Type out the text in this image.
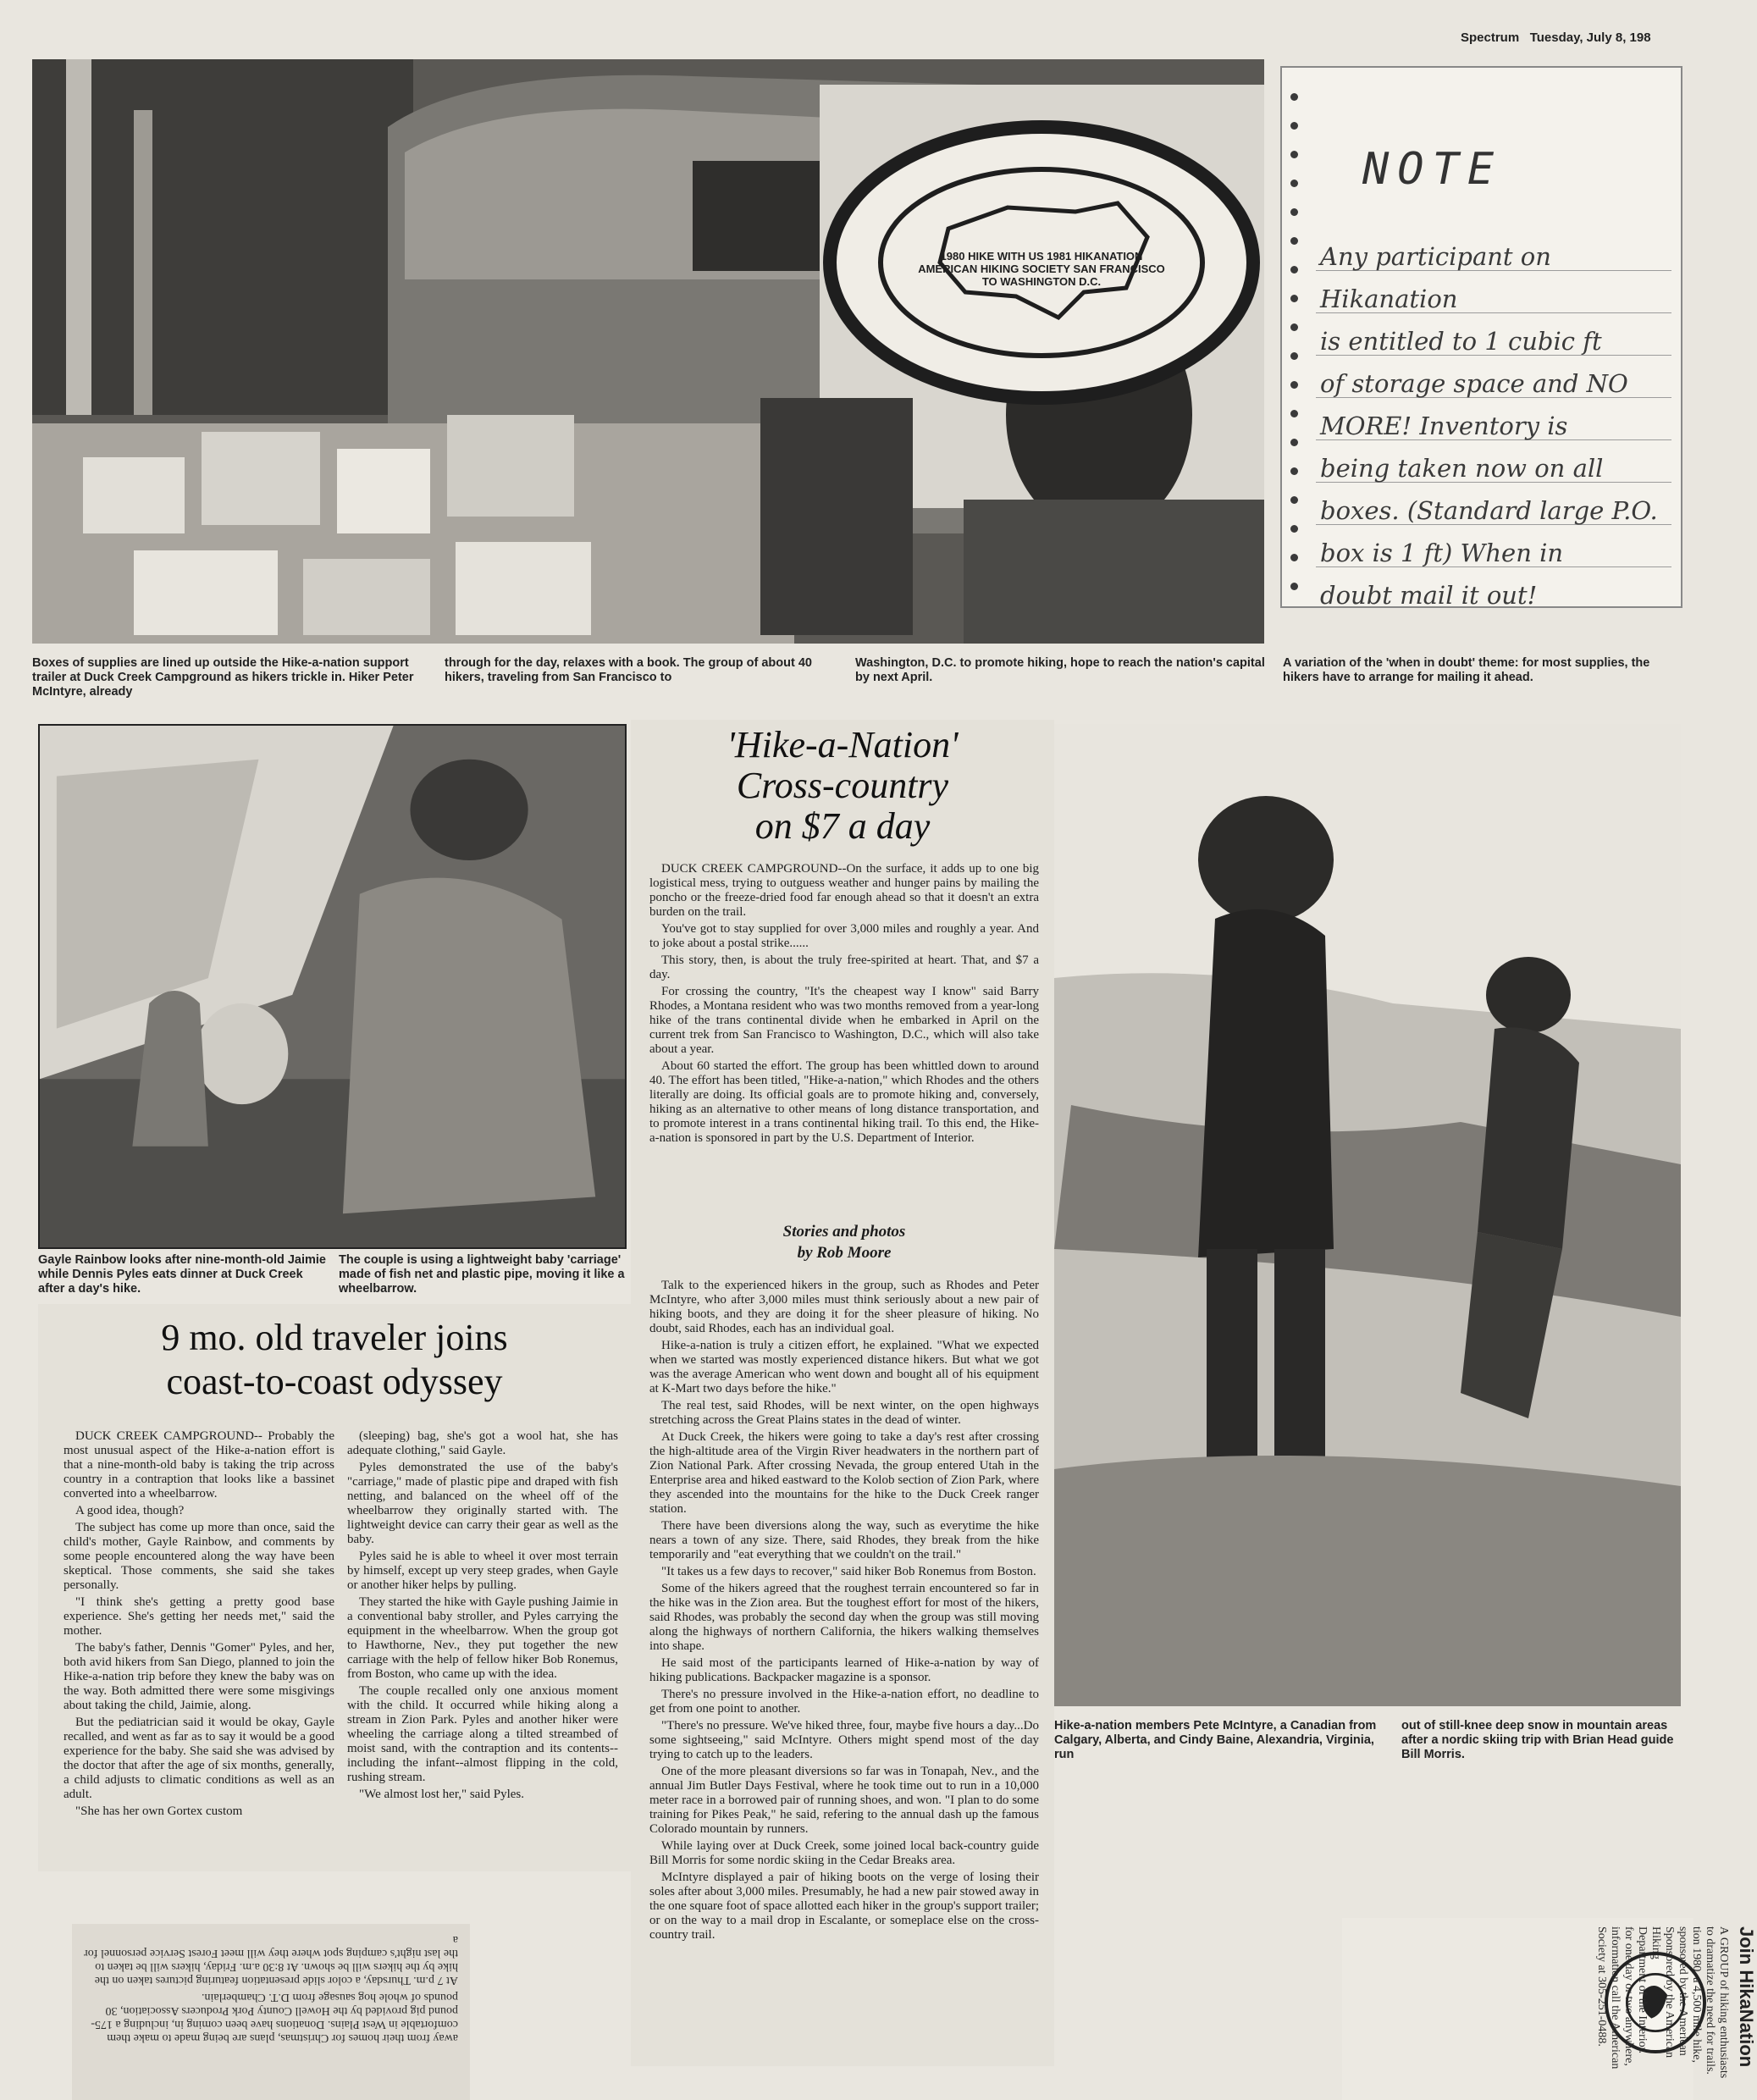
Spectrum Tuesday, July 8, 198
1980 HIKE WITH US 1981 HIKANATION AMERICAN HIKING SOCIETY SAN FRANCISCO TO WASHINGTON D.C.
Boxes of supplies are lined up outside the Hike-a-nation support trailer at Duck Creek Campground as hikers trickle in. Hiker Peter McIntyre, already
through for the day, relaxes with a book. The group of about 40 hikers, traveling from San Francisco to
Washington, D.C. to promote hiking, hope to reach the nation's capital by next April.
NOTE
Any participant on Hikanation
is entitled to 1 cubic ft
of storage space and NO
MORE! Inventory is
being taken now on all
boxes. (Standard large P.O.
box is 1 ft) When in
doubt mail it out!
A variation of the 'when in doubt' theme: for most supplies, the hikers have to arrange for mailing it ahead.
Gayle Rainbow looks after nine-month-old Jaimie while Dennis Pyles eats dinner at Duck Creek after a day's hike.
The couple is using a lightweight baby 'carriage' made of fish net and plastic pipe, moving it like a wheelbarrow.
9 mo. old traveler joins
coast-to-coast odyssey

DUCK CREEK CAMPGROUND-- Probably the most unusual aspect of the Hike-a-nation effort is that a nine-month-old baby is taking the trip across country in a contraption that looks like a bassinet converted into a wheelbarrow.

A good idea, though?

The subject has come up more than once, said the child's mother, Gayle Rainbow, and comments by some people encountered along the way have been skeptical. Those comments, she said she takes personally.

"I think she's getting a pretty good base experience. She's getting her needs met," said the mother.

The baby's father, Dennis "Gomer" Pyles, and her, both avid hikers from San Diego, planned to join the Hike-a-nation trip before they knew the baby was on the way. Both admitted there were some misgivings about taking the child, Jaimie, along.

But the pediatrician said it would be okay, Gayle recalled, and went as far as to say it would be a good experience for the baby. She said she was advised by the doctor that after the age of six months, generally, a child adjusts to climatic conditions as well as an adult.

"She has her own Gortex custom

(sleeping) bag, she's got a wool hat, she has adequate clothing," said Gayle.

Pyles demonstrated the use of the baby's "carriage," made of plastic pipe and draped with fish netting, and balanced on the wheel off of the wheelbarrow they originally started with. The lightweight device can carry their gear as well as the baby.

Pyles said he is able to wheel it over most terrain by himself, except up very steep grades, when Gayle or another hiker helps by pulling.

They started the hike with Gayle pushing Jaimie in a conventional baby stroller, and Pyles carrying the equipment in the wheelbarrow. When the group got to Hawthorne, Nev., they put together the new carriage with the help of fellow hiker Bob Ronemus, from Boston, who came up with the idea.

The couple recalled only one anxious moment with the child. It occurred while hiking along a stream in Zion Park. Pyles and another hiker were wheeling the carriage along a tilted streambed of moist sand, with the contraption and its contents--including the infant--almost flipping in the cold, rushing stream.

"We almost lost her," said Pyles.

'Hike-a-Nation'
Cross-country
on $7 a day

DUCK CREEK CAMPGROUND--On the surface, it adds up to one big logistical mess, trying to outguess weather and hunger pains by mailing the poncho or the freeze-dried food far enough ahead so that it doesn't an extra burden on the trail.

You've got to stay supplied for over 3,000 miles and roughly a year. And to joke about a postal strike......

This story, then, is about the truly free-spirited at heart. That, and $7 a day.

For crossing the country, "It's the cheapest way I know" said Barry Rhodes, a Montana resident who was two months removed from a year-long hike of the trans continental divide when he embarked in April on the current trek from San Francisco to Washington, D.C., which will also take about a year.

About 60 started the effort. The group has been whittled down to around 40. The effort has been titled, "Hike-a-nation," which Rhodes and the others literally are doing. Its official goals are to promote hiking and, conversely, hiking as an alternative to other means of long distance transportation, and to promote interest in a trans continental hiking trail. To this end, the Hike-a-nation is sponsored in part by the U.S. Department of Interior.

Stories and photos
by Rob Moore

Talk to the experienced hikers in the group, such as Rhodes and Peter McIntyre, who after 3,000 miles must think seriously about a new pair of hiking boots, and they are doing it for the sheer pleasure of hiking. No doubt, said Rhodes, each has an individual goal.

Hike-a-nation is truly a citizen effort, he explained. "What we expected when we started was mostly experienced distance hikers. But what we got was the average American who went down and bought all of his equipment at K-Mart two days before the hike."

The real test, said Rhodes, will be next winter, on the open highways stretching across the Great Plains states in the dead of winter.

At Duck Creek, the hikers were going to take a day's rest after crossing the high-altitude area of the Virgin River headwaters in the northern part of Zion National Park. After crossing Nevada, the group entered Utah in the Enterprise area and hiked eastward to the Kolob section of Zion Park, where they ascended into the mountains for the hike to the Duck Creek ranger station.

There have been diversions along the way, such as everytime the hike nears a town of any size. There, said Rhodes, they break from the hike temporarily and "eat everything that we couldn't on the trail."

"It takes us a few days to recover," said hiker Bob Ronemus from Boston.

Some of the hikers agreed that the roughest terrain encountered so far in the hike was in the Zion area. But the toughest effort for most of the hikers, said Rhodes, was probably the second day when the group was still moving along the highways of northern California, the hikers walking themselves into shape.

He said most of the participants learned of Hike-a-nation by way of hiking publications. Backpacker magazine is a sponsor.

There's no pressure involved in the Hike-a-nation effort, no deadline to get from one point to another.

"There's no pressure. We've hiked three, four, maybe five hours a day...Do some sightseeing," said McIntyre. Others might spend most of the day trying to catch up to the leaders.

One of the more pleasant diversions so far was in Tonapah, Nev., and the annual Jim Butler Days Festival, where he took time out to run in a 10,000 meter race in a borrowed pair of running shoes, and won. "I plan to do some training for Pikes Peak," he said, refering to the annual dash up the famous Colorado mountain by runners.

While laying over at Duck Creek, some joined local back-country guide Bill Morris for some nordic skiing in the Cedar Breaks area.

McIntyre displayed a pair of hiking boots on the verge of losing their soles after about 3,000 miles. Presumably, he had a new pair stowed away in the one square foot of space allotted each hiker in the group's support trailer; or on the way to a mail drop in Escalante, or someplace else on the cross-country trail.

Hike-a-nation members Pete McIntyre, a Canadian from Calgary, Alberta, and Cindy Baine, Alexandria, Virginia, run
out of still-knee deep snow in mountain areas after a nordic skiing trip with Brian Head guide Bill Morris.

away from their homes for Christmas, plans are being made to make them comfortable in West Plains. Donations have been coming in, including a 175-pound pig provided by the Howell County Pork Producers Association, 30 pounds of whole hog sausage from D.T. Chamberlain.

At 7 p.m. Thursday, a color slide presentation featuring pictures taken on the hike by the hikers will be shown. At 8:30 a.m. Friday, hikers will be taken to the last night's camping spot where they will meet Forest Service personnel for a	Join HikaNation
A GROUP of hiking enthusiasts
to dramatize the need for trails.
tion 1980, a 4,500 mile hike,
sponsored by the American
Sponsored by the American Hiking
Department of the Interior.
for one day or two anywhere,
information call the American
Society at 305-251-0488.
